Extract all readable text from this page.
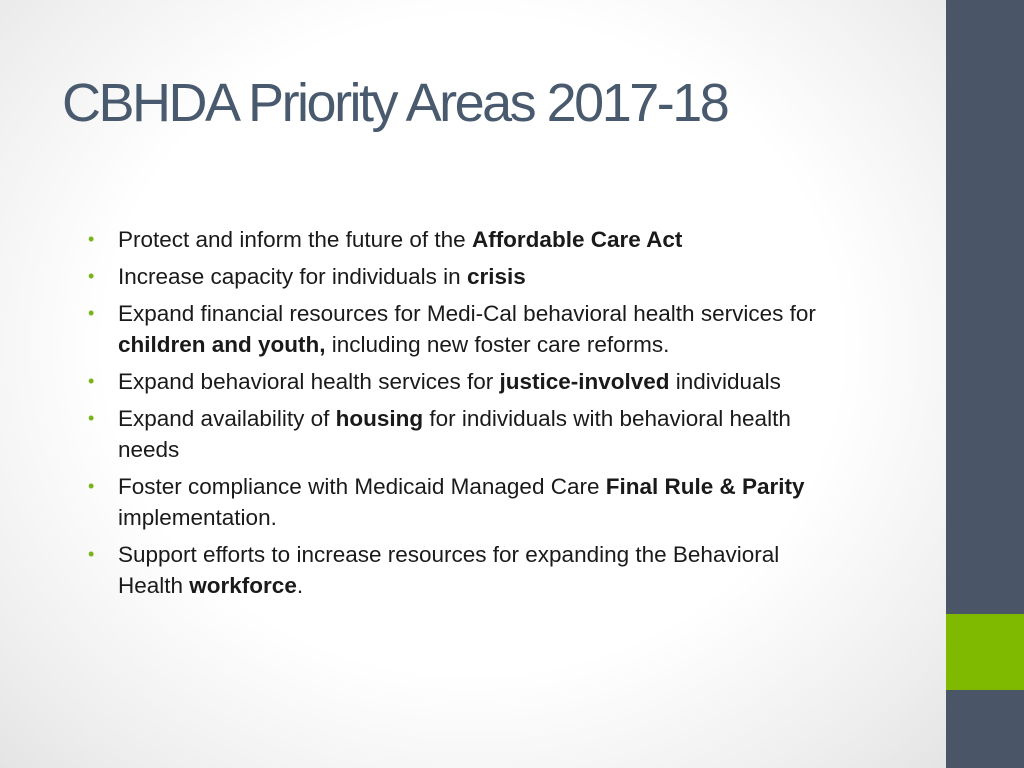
CBHDA Priority Areas 2017-18
• Protect and inform the future of the Affordable Care Act
• Increase capacity for individuals in crisis
• Expand financial resources for Medi-Cal behavioral health services for children and youth, including new foster care reforms.
• Expand behavioral health services for justice-involved individuals
• Expand availability of housing for individuals with behavioral health needs
• Foster compliance with Medicaid Managed Care Final Rule & Parity implementation.
• Support efforts to increase resources for expanding the Behavioral Health workforce.
